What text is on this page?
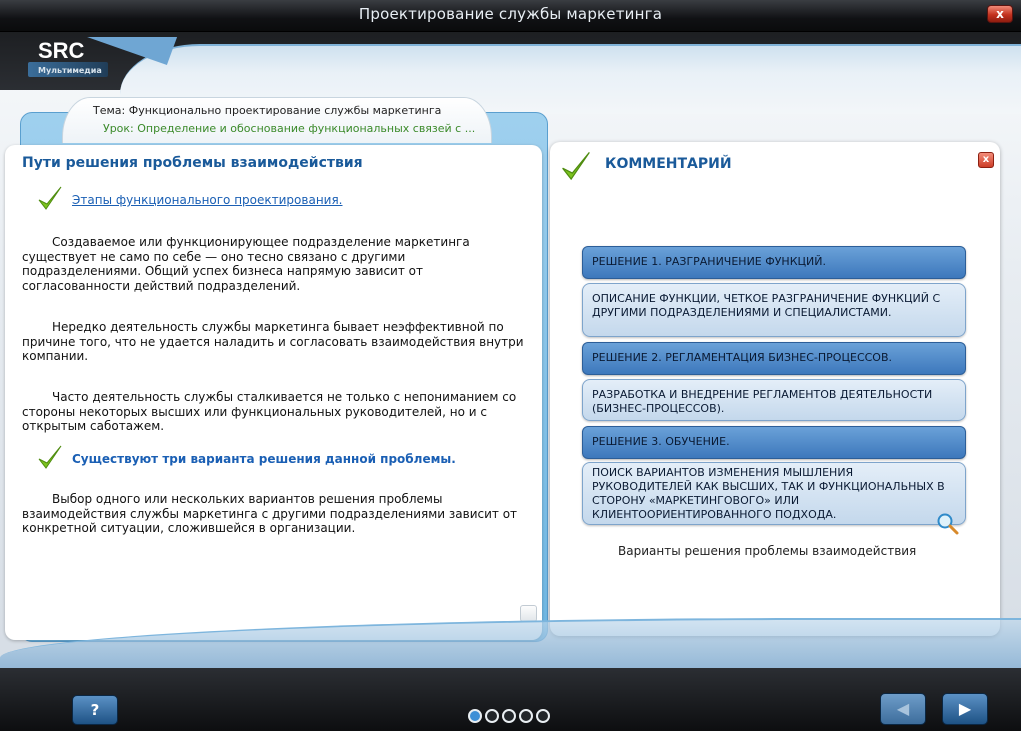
Проектирование службы маркетинга	x
SRC
Мультимедиа
Тема: Функционально проектирование службы маркетинга
Урок: Определение и обоснование функциональных связей с ...
Пути решения проблемы взаимодействия
Этапы функционального проектирования.
Создаваемое или функционирующее подразделение маркетинга существует не само по себе — оно тесно связано с другими подразделениями. Общий успех бизнеса напрямую зависит от согласованности действий подразделений.
Нередко деятельность службы маркетинга бывает неэффективной по причине того, что не удается наладить и согласовать взаимодействия внутри компании.
Часто деятельность службы сталкивается не только с непониманием со стороны некоторых высших или функциональных руководителей, но и с открытым саботажем.
Существуют три варианта решения данной проблемы.
Выбор одного или нескольких вариантов решения проблемы взаимодействия службы маркетинга с другими подразделениями зависит от конкретной ситуации, сложившейся в организации.
КОММЕНТАРИЙ	x
РЕШЕНИЕ 1. РАЗГРАНИЧЕНИЕ ФУНКЦИЙ.
ОПИСАНИЕ ФУНКЦИИ, ЧЕТКОЕ РАЗГРАНИЧЕНИЕ ФУНКЦИЙ С ДРУГИМИ ПОДРАЗДЕЛЕНИЯМИ И СПЕЦИАЛИСТАМИ.
РЕШЕНИЕ 2. РЕГЛАМЕНТАЦИЯ БИЗНЕС-ПРОЦЕССОВ.
РАЗРАБОТКА И ВНЕДРЕНИЕ РЕГЛАМЕНТОВ ДЕЯТЕЛЬНОСТИ (БИЗНЕС-ПРОЦЕССОВ).
РЕШЕНИЕ 3. ОБУЧЕНИЕ.
ПОИСК ВАРИАНТОВ ИЗМЕНЕНИЯ МЫШЛЕНИЯ РУКОВОДИТЕЛЕЙ КАК ВЫСШИХ, ТАК И ФУНКЦИОНАЛЬНЫХ В СТОРОНУ «МАРКЕТИНГОВОГО» ИЛИ КЛИЕНТООРИЕНТИРОВАННОГО ПОДХОДА.
Варианты решения проблемы взаимодействия
?	◀	▶
